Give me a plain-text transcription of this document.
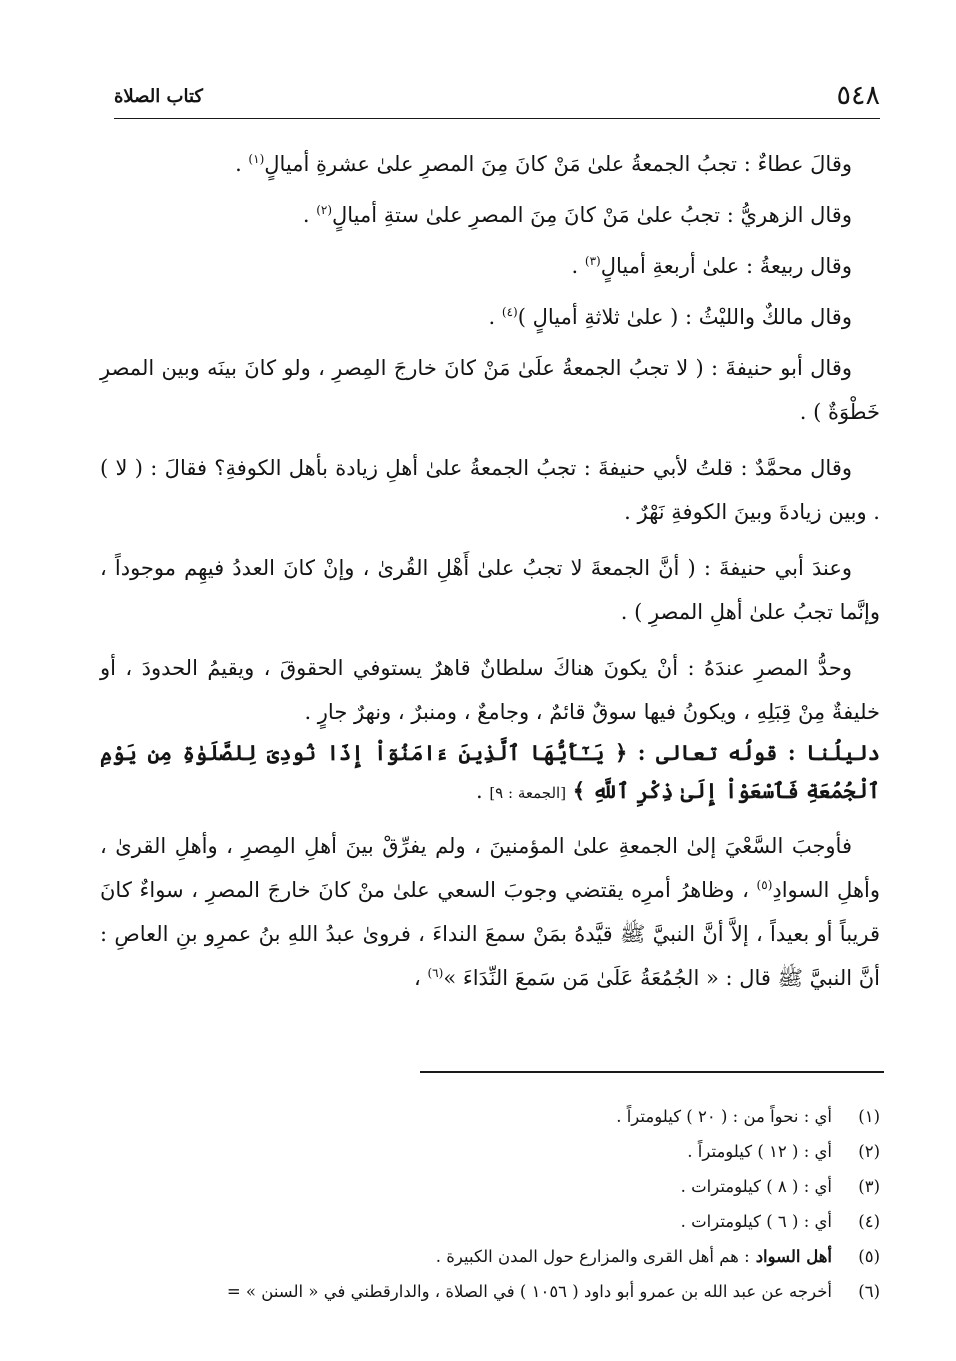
٥٤٨
كتاب الصلاة

وقالَ عطاءٌ : تجبُ الجمعةُ علىٰ مَنْ كانَ مِنَ المصرِ علىٰ عشرةِ أميالٍ$^{(١)}$ .

وقال الزهريُّ : تجبُ علىٰ مَنْ كانَ مِنَ المصرِ علىٰ ستةِ أميالٍ$^{(٢)}$ .

وقال ربيعةُ : علىٰ أربعةِ أميالٍ$^{(٣)}$ .

وقال مالكٌ والليْثُ : ( علىٰ ثلاثةِ أميالٍ )$^{(٤)}$ .

وقال أبو حنيفةَ : ( لا تجبُ الجمعةُ علَىٰ مَنْ كانَ خارجَ المِصرِ ، ولو كانَ بينَه وبين المصرِ خَطْوَةٌ ) .

وقال محمَّدٌ : قلتُ لأبي حنيفةَ : تجبُ الجمعةُ علىٰ أهلِ زيادة بأهل الكوفةِ؟ فقالَ : ( لا ) . وبين زيادةَ وبينَ الكوفةِ نَهْرٌ .

وعندَ أبي حنيفةَ : ( أنَّ الجمعةَ لا تجبُ علىٰ أَهْلِ القُرىٰ ، وإنْ كانَ العددُ فيهِم موجوداً ، وإنَّما تجبُ علىٰ أهلِ المصرِ ) .

وحدُّ المصرِ عندَهُ : أنْ يكونَ هناكَ سلطانٌ قاهرٌ يستوفي الحقوقَ ، ويقيمُ الحدودَ ، أو خليفةٌ مِنْ قِبَلِهِ ، ويكونُ فيها سوقٌ قائمٌ ، وجامعٌ ، ومنبرٌ ، ونهرٌ جارٍ .

دليلُنا : قولُه تعالى : ﴿ يَـٰٓأَيُّهَا ٱلَّذِينَ ءَامَنُوٓاْ إِذَا نُودِىَ لِلصَّلَوٰةِ مِن يَوْمِ ٱلْجُمُعَةِ فَٱسْعَوْاْ إِلَىٰ ذِكْرِ ٱللَّهِ ﴾ [الجمعة : ٩] .

فأوجبَ السَّعْيَ إلىٰ الجمعةِ علىٰ المؤمنينَ ، ولم يفرِّقْ بينَ أهلِ المِصرِ ، وأهلِ القرىٰ ، وأهلِ السوادِ$^{(٥)}$ ، وظاهرُ أمرِه يقتضي وجوبَ السعي علىٰ منْ كانَ خارجَ المصرِ ، سواءٌ كانَ قريباً أو بعيداً ، إلاَّ أنَّ النبيَّ ﷺ قيَّدهُ بمَنْ سمعَ النداءَ ، فروىٰ عبدُ اللهِ بنُ عمرِو بنِ العاصِ : أنَّ النبيَّ ﷺ قال : « الجُمُعَةُ عَلَىٰ مَن سَمعَ النِّدَاءَ »$^{(٦)}$ ،

( ١ )
أي : نحواً من : ( ٢٠ ) كيلومتراً .
( ٢ )
أي : ( ١٢ ) كيلومتراً .
( ٣ )
أي : ( ٨ ) كيلومترات .
( ٤ )
أي : ( ٦ ) كيلومترات .
( ٥ )
أهل السواد
: هم أهل القرى والمزارع حول المدن الكبيرة .
( ٦ )
أخرجه عن عبد الله بن عمرو أبو داود ( ١٠٥٦ ) في الصلاة ، والدارقطني في « السنن » =
